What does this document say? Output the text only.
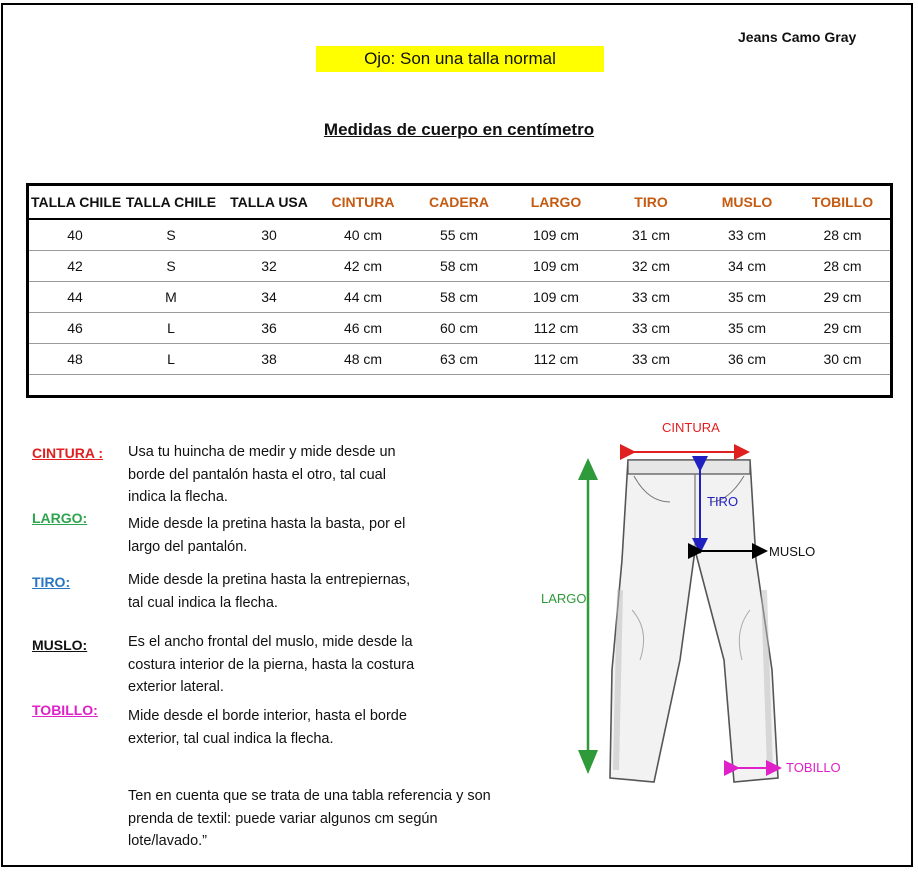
Jeans Camo Gray
Ojo: Son una talla normal
Medidas de cuerpo en centímetro
TALLA CHILE	TALLA CHILE	TALLA USA	CINTURA	CADERA	LARGO	TIRO	MUSLO	TOBILLO
40	S	30	40 cm	55 cm	109 cm	31 cm	33 cm	28 cm
42	S	32	42 cm	58 cm	109 cm	32 cm	34 cm	28 cm
44	M	34	44 cm	58 cm	109 cm	33 cm	35 cm	29 cm
46	L	36	46 cm	60 cm	112 cm	33 cm	35 cm	29 cm
48	L	38	48 cm	63 cm	112 cm	33 cm	36 cm	30 cm

CINTURA : Usa tu huincha de medir y mide desde un borde del pantalón hasta el otro, tal cual indica la flecha.
LARGO:	Mide desde la pretina hasta la basta, por el largo del pantalón.
TIRO:	Mide desde la pretina hasta la entrepiernas, tal cual indica la flecha.
MUSLO:	Es el ancho frontal del muslo, mide desde la costura interior de la pierna, hasta la costura exterior lateral.
TOBILLO: Mide desde el borde interior, hasta el borde exterior, tal cual indica la flecha.
Ten en cuenta que se trata de una tabla referencia y son prenda de textil: puede variar algunos cm según lote/lavado.”
CINTURA
TIRO
MUSLO
LARGO
TOBILLO
